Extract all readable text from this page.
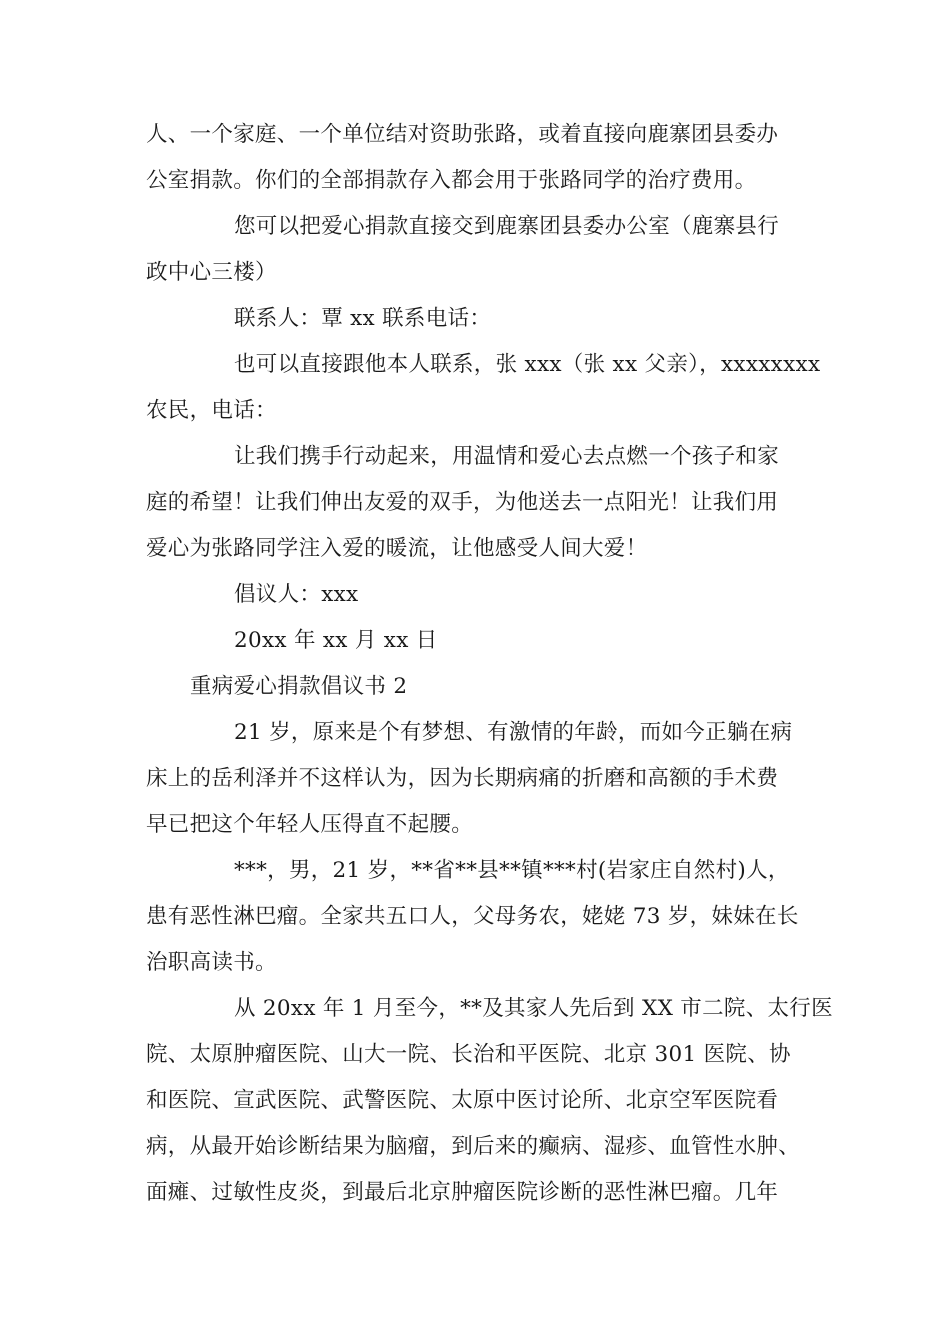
人、一个家庭、一个单位结对资助张路，或着直接向鹿寨团县委办
公室捐款。你们的全部捐款存入都会用于张路同学的治疗费用。
您可以把爱心捐款直接交到鹿寨团县委办公室（鹿寨县行
政中心三楼）
联系人：覃 xx 联系电话：
也可以直接跟他本人联系，张 xxx（张 xx 父亲），xxxxxxxx
农民，电话：
让我们携手行动起来，用温情和爱心去点燃一个孩子和家
庭的希望！让我们伸出友爱的双手，为他送去一点阳光！让我们用
爱心为张路同学注入爱的暖流，让他感受人间大爱！
倡议人：xxx
20xx 年 xx 月 xx 日
重病爱心捐款倡议书 2
21 岁，原来是个有梦想、有激情的年龄，而如今正躺在病
床上的岳利泽并不这样认为，因为长期病痛的折磨和高额的手术费
早已把这个年轻人压得直不起腰。
***，男，21 岁，**省**县**镇***村(岩家庄自然村)人，
患有恶性淋巴瘤。全家共五口人，父母务农，姥姥 73 岁，妹妹在长
治职高读书。
从 20xx 年 1 月至今，**及其家人先后到 XX 市二院、太行医
院、太原肿瘤医院、山大一院、长治和平医院、北京 301 医院、协
和医院、宣武医院、武警医院、太原中医讨论所、北京空军医院看
病，从最开始诊断结果为脑瘤，到后来的癫病、湿疹、血管性水肿、
面瘫、过敏性皮炎，到最后北京肿瘤医院诊断的恶性淋巴瘤。几年
